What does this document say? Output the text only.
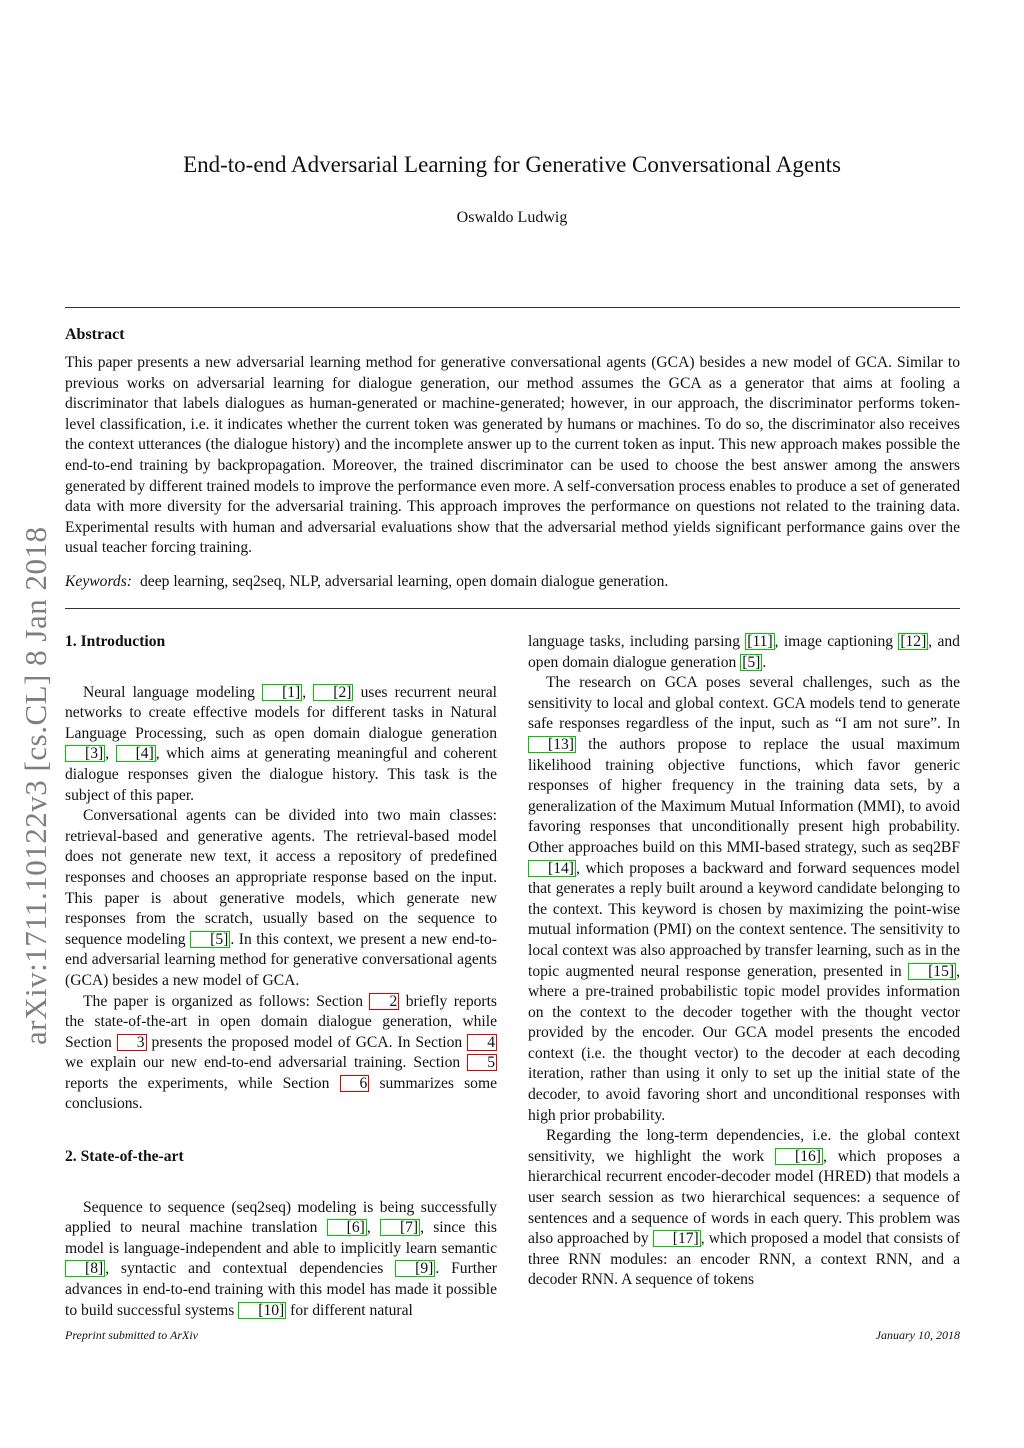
End-to-end Adversarial Learning for Generative Conversational Agents
Oswaldo Ludwig
Abstract
This paper presents a new adversarial learning method for generative conversational agents (GCA) besides a new model of GCA. Similar to previous works on adversarial learning for dialogue generation, our method assumes the GCA as a generator that aims at fooling a discriminator that labels dialogues as human-generated or machine-generated; however, in our approach, the discriminator performs token-level classification, i.e. it indicates whether the current token was generated by humans or machines. To do so, the discriminator also receives the context utterances (the dialogue history) and the incomplete answer up to the current token as input. This new approach makes possible the end-to-end training by backpropagation. Moreover, the trained discriminator can be used to choose the best answer among the answers generated by different trained models to improve the performance even more. A self-conversation process enables to produce a set of generated data with more diversity for the adversarial training. This approach improves the performance on questions not related to the training data. Experimental results with human and adversarial evaluations show that the adversarial method yields significant performance gains over the usual teacher forcing training.
Keywords: deep learning, seq2seq, NLP, adversarial learning, open domain dialogue generation.
1. Introduction

Neural language modeling [1] , [2] uses recurrent neural networks to create effective models for different tasks in Natural Language Processing, such as open domain dialogue generation [3] , [4] , which aims at generating meaningful and coherent dialogue responses given the dialogue history. This task is the subject of this paper.

Conversational agents can be divided into two main classes: retrieval-based and generative agents. The retrieval-based model does not generate new text, it access a repository of predefined responses and chooses an appropriate response based on the input. This paper is about generative models, which generate new responses from the scratch, usually based on the sequence to sequence modeling [5] . In this context, we present a new end-to-end adversarial learning method for generative conversational agents (GCA) besides a new model of GCA.

The paper is organized as follows: Section 2 briefly reports the state-of-the-art in open domain dialogue generation, while Section 3 presents the proposed model of GCA. In Section 4 we explain our new end-to-end adversarial training. Section 5 reports the experiments, while Section 6 summarizes some conclusions.

2. State-of-the-art

Sequence to sequence (seq2seq) modeling is being successfully applied to neural machine translation [6] , [7] , since this model is language-independent and able to implicitly learn semantic [8] , syntactic and contextual dependencies [9] . Further advances in end-to-end training with this model has made it possible to build successful systems [10] for different natural

language tasks, including parsing [11] , image captioning [12] , and open domain dialogue generation [5] .

The research on GCA poses several challenges, such as the sensitivity to local and global context. GCA models tend to generate safe responses regardless of the input, such as “I am not sure”. In [13] the authors propose to replace the usual maximum likelihood training objective functions, which favor generic responses of higher frequency in the training data sets, by a generalization of the Maximum Mutual Information (MMI), to avoid favoring responses that unconditionally present high probability. Other approaches build on this MMI-based strategy, such as seq2BF [14] , which proposes a backward and forward sequences model that generates a reply built around a keyword candidate belonging to the context. This keyword is chosen by maximizing the point-wise mutual information (PMI) on the context sentence. The sensitivity to local context was also approached by transfer learning, such as in the topic augmented neural response generation, presented in [15] , where a pre-trained probabilistic topic model provides information on the context to the decoder together with the thought vector provided by the encoder. Our GCA model presents the encoded context (i.e. the thought vector) to the decoder at each decoding iteration, rather than using it only to set up the initial state of the decoder, to avoid favoring short and unconditional responses with high prior probability.

Regarding the long-term dependencies, i.e. the global context sensitivity, we highlight the work [16] , which proposes a hierarchical recurrent encoder-decoder model (HRED) that models a user search session as two hierarchical sequences: a sequence of sentences and a sequence of words in each query. This problem was also approached by [17] , which proposed a model that consists of three RNN modules: an encoder RNN, a context RNN, and a decoder RNN. A sequence of tokens

arXiv:1711.10122v3 [cs.CL] 8 Jan 2018
Preprint submitted to ArXiv	January 10, 2018
